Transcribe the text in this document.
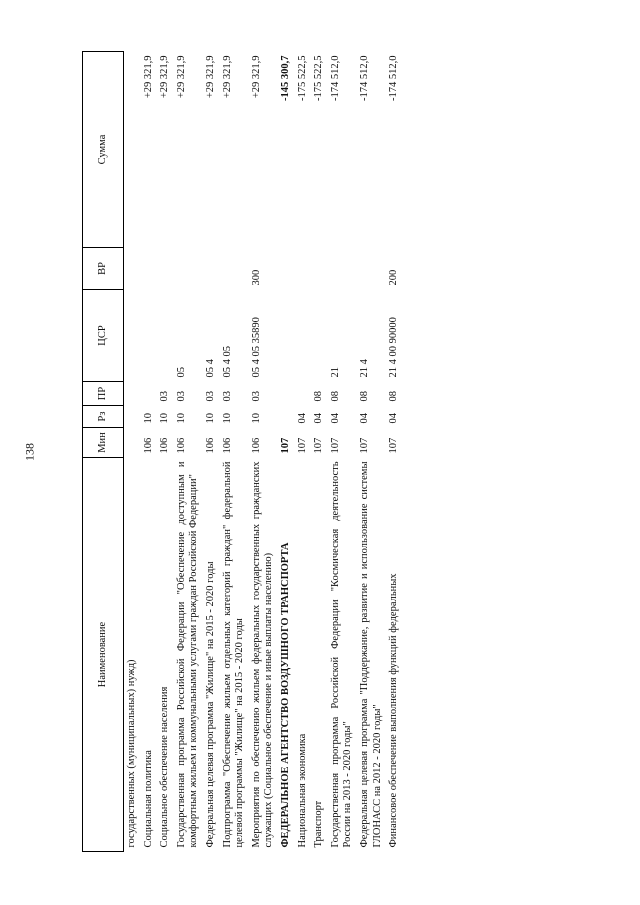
138
Наименование	Мин	Рз	ПР	ЦСР	ВР	Сумма
государственных (муниципальных) нужд)						
Социальная политика	106	10				+29 321,9
Социальное обеспечение населения	106	10	03			+29 321,9
Государственная программа Российской Федерации "Обеспечение доступным и комфортным жильем и коммунальными услугами граждан Российской Федерации"	106	10	03	05		+29 321,9
Федеральная целевая программа "Жилище" на 2015 - 2020 годы	106	10	03	05 4		+29 321,9
Подпрограмма "Обеспечение жильем отдельных категорий граждан" федеральной целевой программы "Жилище" на 2015 - 2020 годы	106	10	03	05 4 05		+29 321,9
Мероприятия по обеспечению жильем федеральных государственных гражданских служащих (Социальное обеспечение и иные выплаты населению)	106	10	03	05 4 05 35890	300	+29 321,9
ФЕДЕРАЛЬНОЕ АГЕНТСТВО ВОЗДУШНОГО ТРАНСПОРТА	107					-145 300,7
Национальная экономика	107	04				-175 522,5
Транспорт	107	04	08			-175 522,5
Государственная программа Российской Федерации "Космическая деятельность России на 2013 - 2020 годы"	107	04	08	21		-174 512,0
Федеральная целевая программа "Поддержание, развитие и использование системы ГЛОНАСС на 2012 - 2020 годы"	107	04	08	21 4		-174 512,0
Финансовое обеспечение выполнения функций федеральных	107	04	08	21 4 00 90000	200	-174 512,0
